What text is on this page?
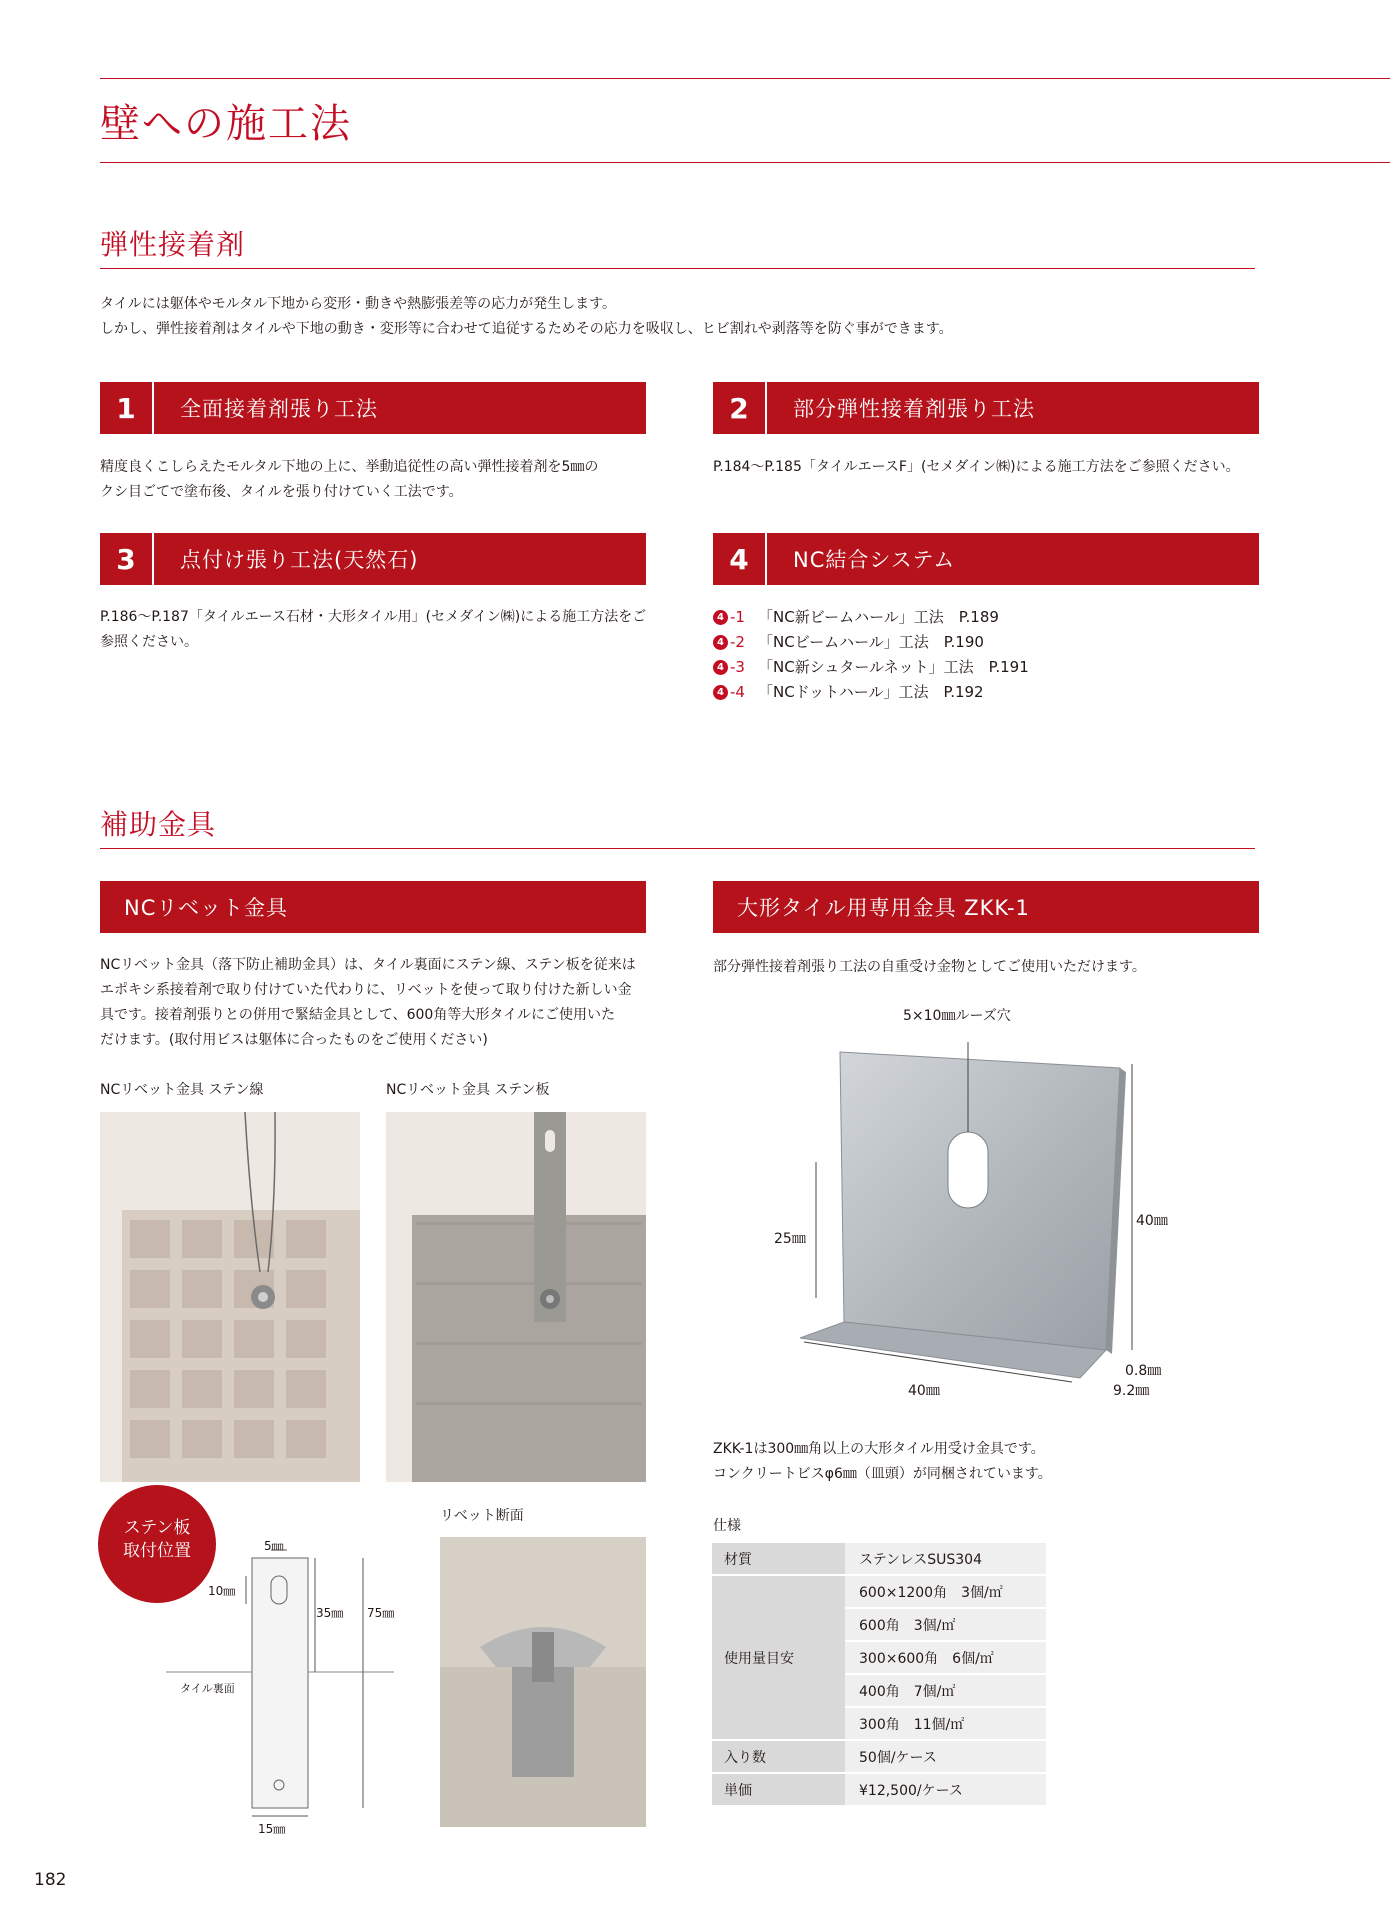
壁への施工法
弾性接着剤
タイルには躯体やモルタル下地から変形・動きや熱膨張差等の応力が発生します。
しかし、弾性接着剤はタイルや下地の動き・変形等に合わせて追従するためその応力を吸収し、ヒビ割れや剥落等を防ぐ事ができます。
1	全面接着剤張り工法
精度良くこしらえたモルタル下地の上に、挙動追従性の高い弾性接着剤を5㎜の
クシ目ごてで塗布後、タイルを張り付けていく工法です。
2	部分弾性接着剤張り工法
P.184〜P.185「タイルエースF」(セメダイン㈱)による施工方法をご参照ください。
3	点付け張り工法(天然石)
P.186〜P.187「タイルエース石材・大形タイル用」(セメダイン㈱)による施工方法をご
参照ください。
4	NC結合システム
4 -1 「NC新ビームハール」工法　P.189
4 -2 「NCビームハール」工法　P.190
4 -3 「NC新シュタールネット」工法　P.191
4 -4 「NCドットハール」工法　P.192
補助金具
NCリベット金具
NCリベット金具（落下防止補助金具）は、タイル裏面にステン線、ステン板を従来は
エポキシ系接着剤で取り付けていた代わりに、リベットを使って取り付けた新しい金
具です。接着剤張りとの併用で緊結金具として、600角等大形タイルにご使用いた
だけます。(取付用ビスは躯体に合ったものをご使用ください)
NCリベット金具 ステン線	NCリベット金具 ステン板
ステン板
取付位置	5㎜
10㎜
35㎜ 75㎜
タイル裏面
15㎜
リベット断面
大形タイル用専用金具 ZKK-1
部分弾性接着剤張り工法の自重受け金物としてご使用いただけます。
5×10㎜ルーズ穴
25㎜
40㎜
40㎜
0.8㎜
9.2㎜
ZKK-1は300㎜角以上の大形タイル用受け金具です。
コンクリートビスφ6㎜（皿頭）が同梱されています。
仕様
材質	ステンレスSUS304
使用量目安	600×1200角　3個/㎡
	600角　3個/㎡
	300×600角　6個/㎡
	400角　7個/㎡
	300角　11個/㎡
入り数	50個/ケース
単価	¥12,500/ケース
182
